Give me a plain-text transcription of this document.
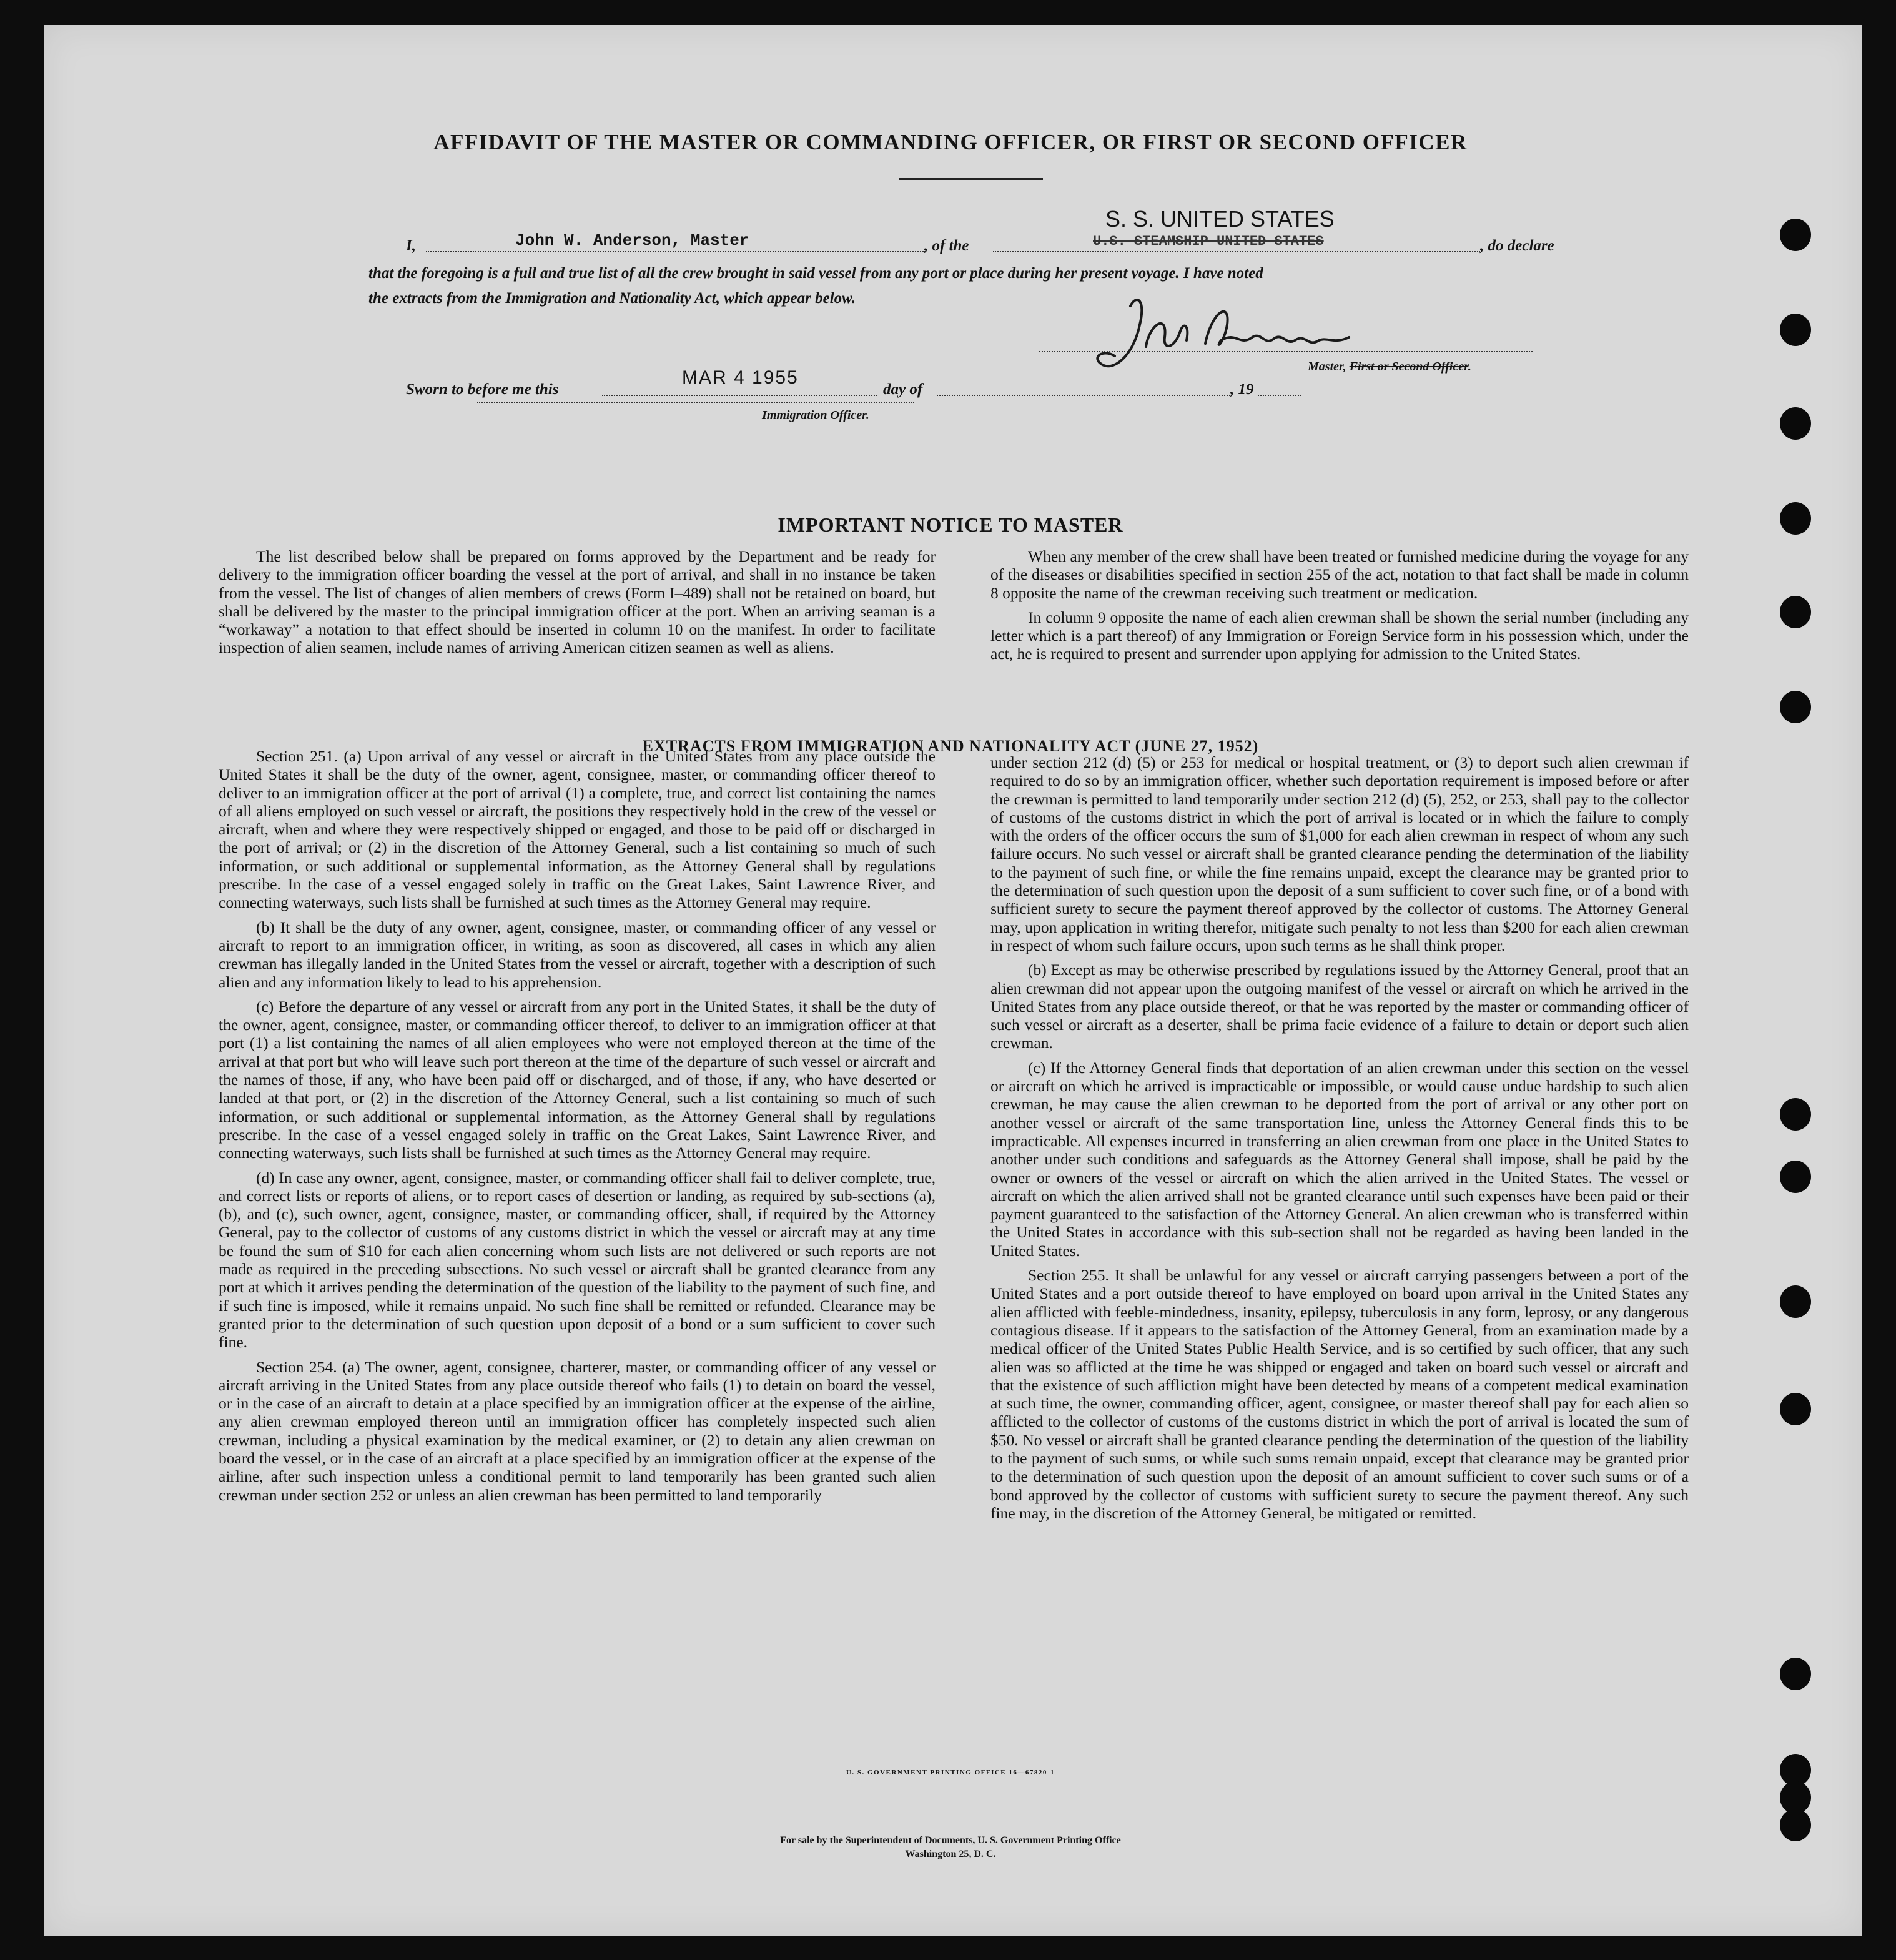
AFFIDAVIT OF THE MASTER OR COMMANDING OFFICER, OR FIRST OR SECOND OFFICER
I,	John W. Anderson, Master	, of the
S. S. UNITED STATES
U.S. STEAMSHIP UNITED STATES	, do declare
that the foregoing is a full and true list of all the crew brought in said vessel from any port or place during her present voyage. I have noted
the extracts from the Immigration and Nationality Act, which appear below.
Master, First or Second Officer.
Sworn to before me this
MAR 4 1955
day of	, 19
Immigration Officer.
IMPORTANT NOTICE TO MASTER

The list described below shall be prepared on forms approved by the Department and be ready for delivery to the immigration officer boarding the vessel at the port of arrival, and shall in no instance be taken from the vessel. The list of changes of alien members of crews (Form I–489) shall not be retained on board, but shall be delivered by the master to the principal immigration officer at the port. When an arriving seaman is a “workaway” a notation to that effect should be inserted in column 10 on the manifest. In order to facilitate inspection of alien seamen, include names of arriving American citizen seamen as well as aliens.

When any member of the crew shall have been treated or furnished medicine during the voyage for any of the diseases or disabilities specified in section 255 of the act, notation to that fact shall be made in column 8 opposite the name of the crewman receiving such treatment or medication.

In column 9 opposite the name of each alien crewman shall be shown the serial number (including any letter which is a part thereof) of any Immigration or Foreign Service form in his possession which, under the act, he is required to present and surrender upon applying for admission to the United States.

EXTRACTS FROM IMMIGRATION AND NATIONALITY ACT (JUNE 27, 1952)

Section 251. (a) Upon arrival of any vessel or aircraft in the United States from any place outside the United States it shall be the duty of the owner, agent, consignee, master, or commanding officer thereof to deliver to an immigration officer at the port of arrival (1) a complete, true, and correct list containing the names of all aliens employed on such vessel or aircraft, the positions they respectively hold in the crew of the vessel or aircraft, when and where they were respectively shipped or engaged, and those to be paid off or discharged in the port of arrival; or (2) in the discretion of the Attorney General, such a list containing so much of such information, or such additional or supplemental information, as the Attorney General shall by regulations prescribe. In the case of a vessel engaged solely in traffic on the Great Lakes, Saint Lawrence River, and connecting waterways, such lists shall be furnished at such times as the Attorney General may require.

(b) It shall be the duty of any owner, agent, consignee, master, or commanding officer of any vessel or aircraft to report to an immigration officer, in writing, as soon as discovered, all cases in which any alien crewman has illegally landed in the United States from the vessel or aircraft, together with a description of such alien and any information likely to lead to his apprehension.

(c) Before the departure of any vessel or aircraft from any port in the United States, it shall be the duty of the owner, agent, consignee, master, or commanding officer thereof, to deliver to an immigration officer at that port (1) a list containing the names of all alien employees who were not employed thereon at the time of the arrival at that port but who will leave such port thereon at the time of the departure of such vessel or aircraft and the names of those, if any, who have been paid off or discharged, and of those, if any, who have deserted or landed at that port, or (2) in the discretion of the Attorney General, such a list containing so much of such information, or such additional or supplemental information, as the Attorney General shall by regulations prescribe. In the case of a vessel engaged solely in traffic on the Great Lakes, Saint Lawrence River, and connecting waterways, such lists shall be furnished at such times as the Attorney General may require.

(d) In case any owner, agent, consignee, master, or commanding officer shall fail to deliver complete, true, and correct lists or reports of aliens, or to report cases of desertion or landing, as required by sub-sections (a), (b), and (c), such owner, agent, consignee, master, or commanding officer, shall, if required by the Attorney General, pay to the collector of customs of any customs district in which the vessel or aircraft may at any time be found the sum of $10 for each alien concerning whom such lists are not delivered or such reports are not made as required in the preceding subsections. No such vessel or aircraft shall be granted clearance from any port at which it arrives pending the determination of the question of the liability to the payment of such fine, and if such fine is imposed, while it remains unpaid. No such fine shall be remitted or refunded. Clearance may be granted prior to the determination of such question upon deposit of a bond or a sum sufficient to cover such fine.

Section 254. (a) The owner, agent, consignee, charterer, master, or commanding officer of any vessel or aircraft arriving in the United States from any place outside thereof who fails (1) to detain on board the vessel, or in the case of an aircraft to detain at a place specified by an immigration officer at the expense of the airline, any alien crewman employed thereon until an immigration officer has completely inspected such alien crewman, including a physical examination by the medical examiner, or (2) to detain any alien crewman on board the vessel, or in the case of an aircraft at a place specified by an immigration officer at the expense of the airline, after such inspection unless a conditional permit to land temporarily has been granted such alien crewman under section 252 or unless an alien crewman has been permitted to land temporarily

under section 212 (d) (5) or 253 for medical or hospital treatment, or (3) to deport such alien crewman if required to do so by an immigration officer, whether such deportation requirement is imposed before or after the crewman is permitted to land temporarily under section 212 (d) (5), 252, or 253, shall pay to the collector of customs of the customs district in which the port of arrival is located or in which the failure to comply with the orders of the officer occurs the sum of $1,000 for each alien crewman in respect of whom any such failure occurs. No such vessel or aircraft shall be granted clearance pending the determination of the liability to the payment of such fine, or while the fine remains unpaid, except the clearance may be granted prior to the determination of such question upon the deposit of a sum sufficient to cover such fine, or of a bond with sufficient surety to secure the payment thereof approved by the collector of customs. The Attorney General may, upon application in writing therefor, mitigate such penalty to not less than $200 for each alien crewman in respect of whom such failure occurs, upon such terms as he shall think proper.

(b) Except as may be otherwise prescribed by regulations issued by the Attorney General, proof that an alien crewman did not appear upon the outgoing manifest of the vessel or aircraft on which he arrived in the United States from any place outside thereof, or that he was reported by the master or commanding officer of such vessel or aircraft as a deserter, shall be prima facie evidence of a failure to detain or deport such alien crewman.

(c) If the Attorney General finds that deportation of an alien crewman under this section on the vessel or aircraft on which he arrived is impracticable or impossible, or would cause undue hardship to such alien crewman, he may cause the alien crewman to be deported from the port of arrival or any other port on another vessel or aircraft of the same transportation line, unless the Attorney General finds this to be impracticable. All expenses incurred in transferring an alien crewman from one place in the United States to another under such conditions and safeguards as the Attorney General shall impose, shall be paid by the owner or owners of the vessel or aircraft on which the alien arrived in the United States. The vessel or aircraft on which the alien arrived shall not be granted clearance until such expenses have been paid or their payment guaranteed to the satisfaction of the Attorney General. An alien crewman who is transferred within the United States in accordance with this sub-section shall not be regarded as having been landed in the United States.

Section 255. It shall be unlawful for any vessel or aircraft carrying passengers between a port of the United States and a port outside thereof to have employed on board upon arrival in the United States any alien afflicted with feeble-mindedness, insanity, epilepsy, tuberculosis in any form, leprosy, or any dangerous contagious disease. If it appears to the satisfaction of the Attorney General, from an examination made by a medical officer of the United States Public Health Service, and is so certified by such officer, that any such alien was so afflicted at the time he was shipped or engaged and taken on board such vessel or aircraft and that the existence of such affliction might have been detected by means of a competent medical examination at such time, the owner, commanding officer, agent, consignee, or master thereof shall pay for each alien so afflicted to the collector of customs of the customs district in which the port of arrival is located the sum of $50. No vessel or aircraft shall be granted clearance pending the determination of the question of the liability to the payment of such sums, or while such sums remain unpaid, except that clearance may be granted prior to the determination of such question upon the deposit of an amount sufficient to cover such sums or of a bond approved by the collector of customs with sufficient surety to secure the payment thereof. Any such fine may, in the discretion of the Attorney General, be mitigated or remitted.

U. S. GOVERNMENT PRINTING OFFICE 16—67820-1
For sale by the Superintendent of Documents, U. S. Government Printing Office
Washington 25, D. C.
